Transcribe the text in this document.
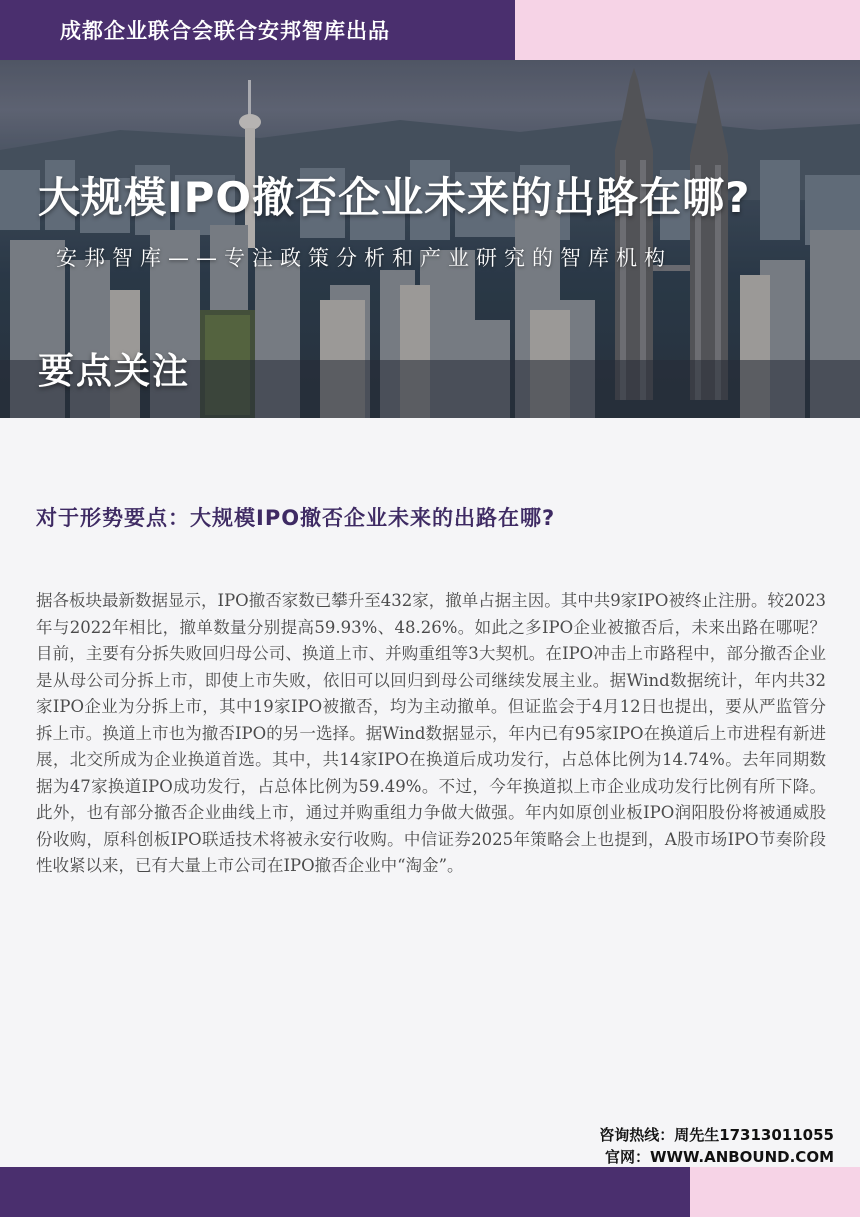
成都企业联合会联合安邦智库出品
大规模IPO撤否企业未来的出路在哪?

安邦智库——专注政策分析和产业研究的智库机构

要点关注
对于形势要点：大规模IPO撤否企业未来的出路在哪?

据各板块最新数据显示，IPO撤否家数已攀升至432家，撤单占据主因。其中共9家IPO被终止注册。较2023年与2022年相比，撤单数量分别提高59.93%、48.26%。如此之多IPO企业被撤否后，未来出路在哪呢？目前，主要有分拆失败回归母公司、换道上市、并购重组等3大契机。在IPO冲击上市路程中，部分撤否企业是从母公司分拆上市，即使上市失败，依旧可以回归到母公司继续发展主业。据Wind数据统计，年内共32家IPO企业为分拆上市，其中19家IPO被撤否，均为主动撤单。但证监会于4月12日也提出，要从严监管分拆上市。换道上市也为撤否IPO的另一选择。据Wind数据显示，年内已有95家IPO在换道后上市进程有新进展，北交所成为企业换道首选。其中，共14家IPO在换道后成功发行，占总体比例为14.74%。去年同期数据为47家换道IPO成功发行，占总体比例为59.49%。不过，今年换道拟上市企业成功发行比例有所下降。此外，也有部分撤否企业曲线上市，通过并购重组力争做大做强。年内如原创业板IPO润阳股份将被通威股份收购，原科创板IPO联适技术将被永安行收购。中信证券2025年策略会上也提到，A股市场IPO节奏阶段性收紧以来，已有大量上市公司在IPO撤否企业中“淘金”。

咨询热线：周先生17313011055
官网：WWW.ANBOUND.COM
